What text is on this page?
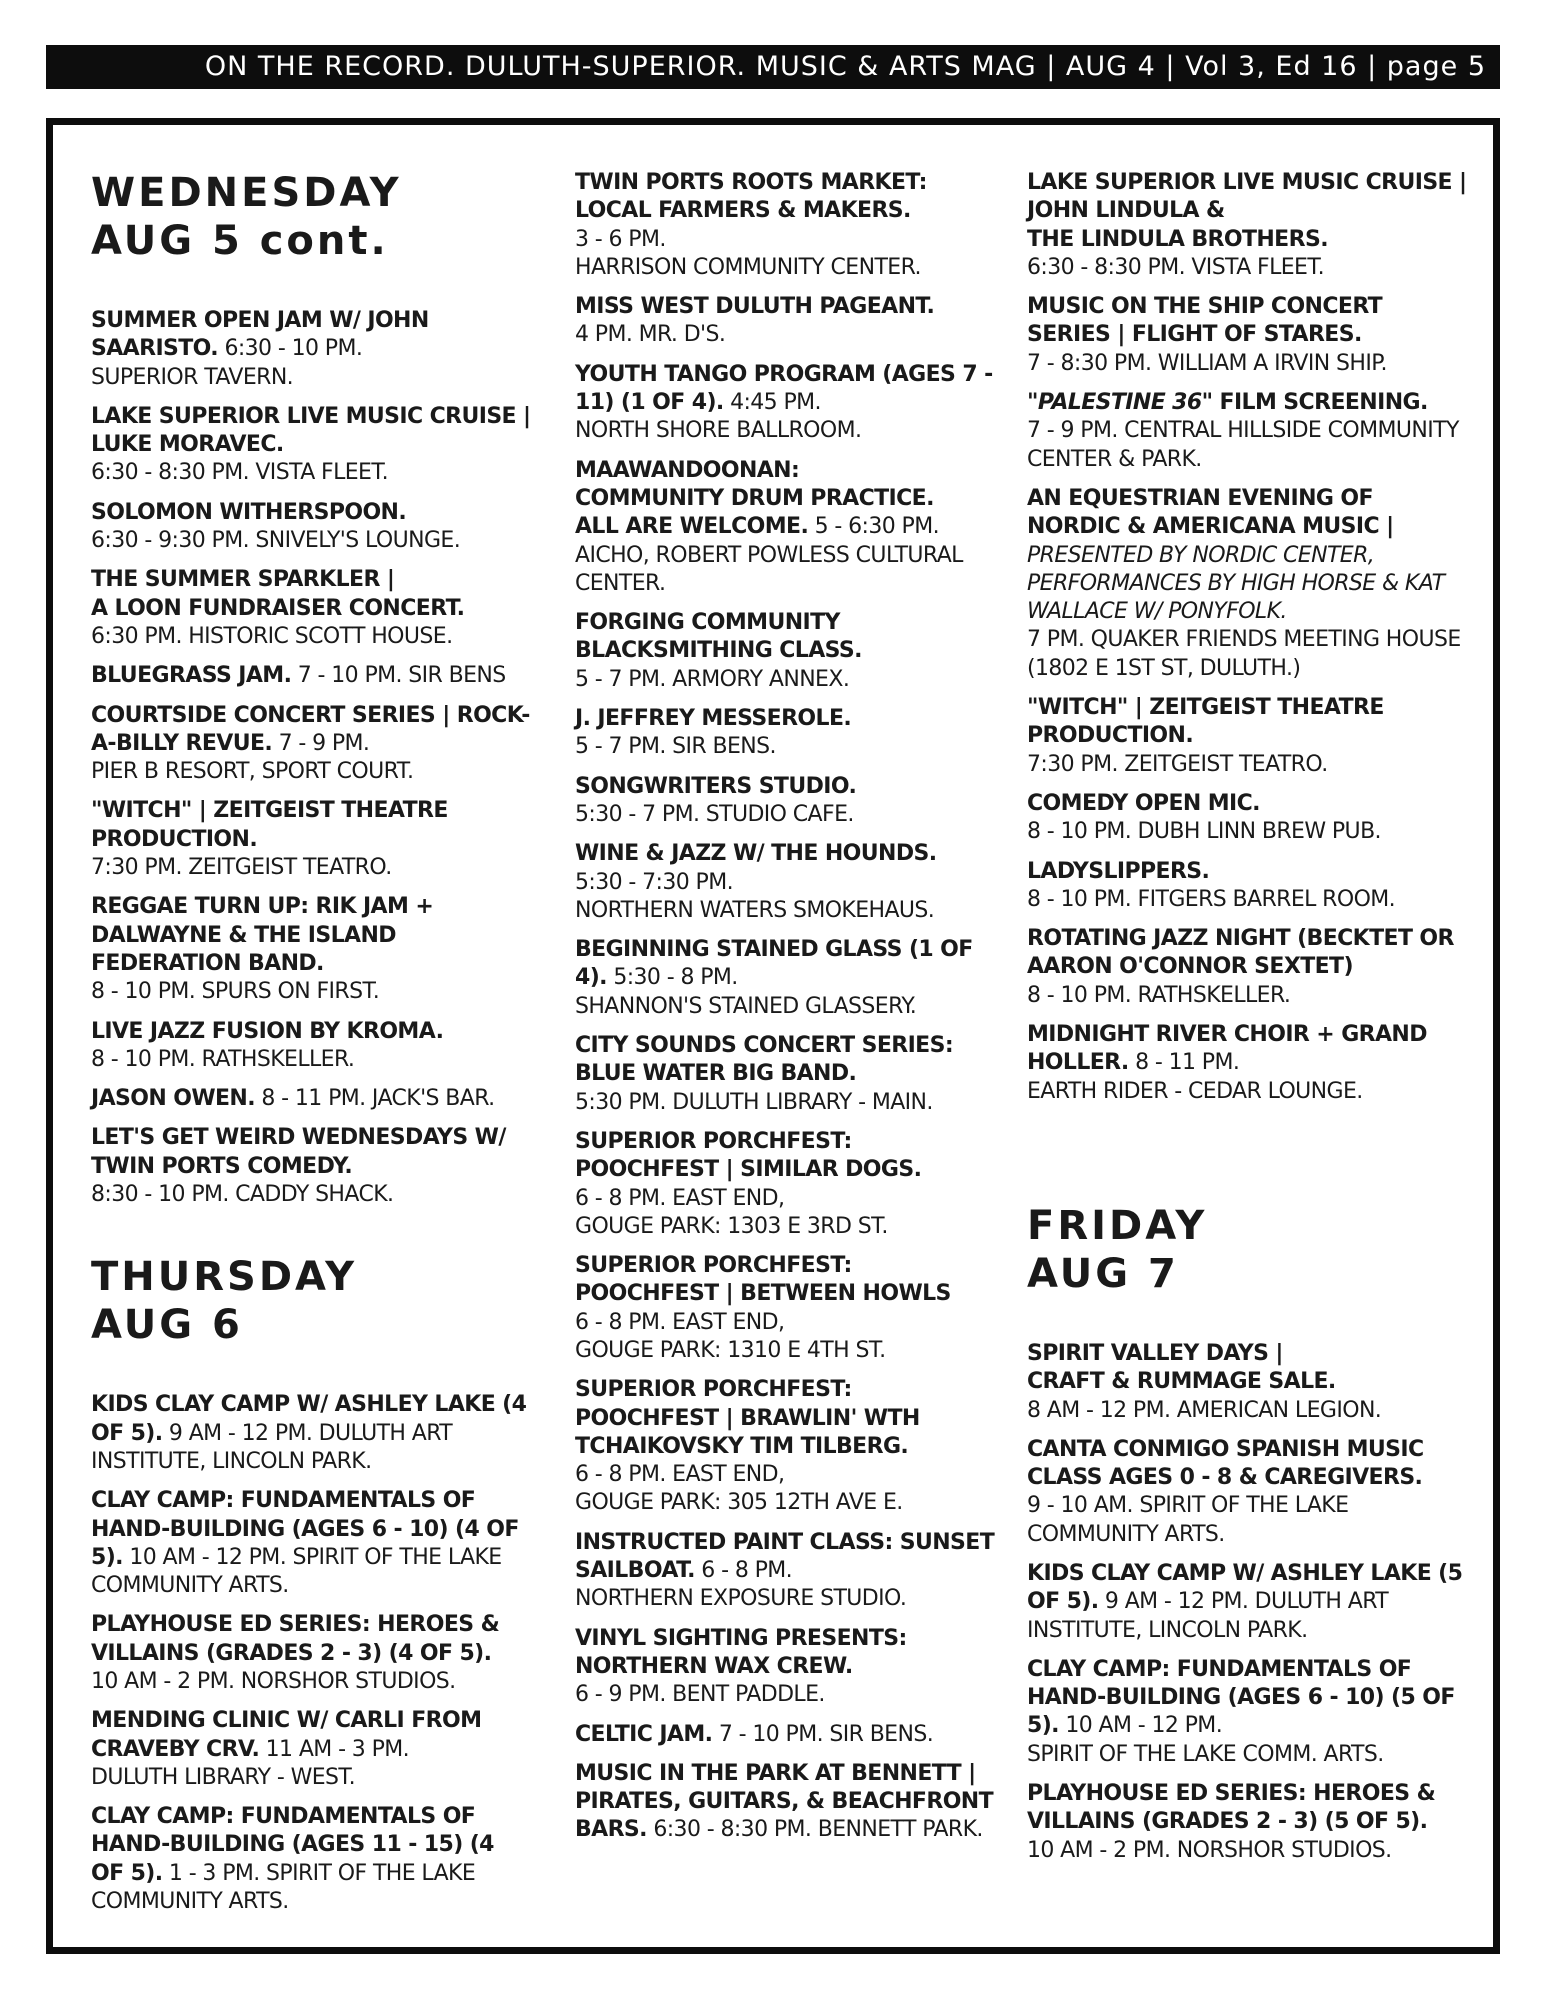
ON THE RECORD. DULUTH-SUPERIOR. MUSIC & ARTS MAG | AUG 4 | Vol 3, Ed 16 | page 5
WEDNESDAY
AUG 5 cont.
SUMMER OPEN JAM W/ JOHN SAARISTO. 6:30 - 10 PM.
SUPERIOR TAVERN.
LAKE SUPERIOR LIVE MUSIC CRUISE | LUKE MORAVEC.
6:30 - 8:30 PM. VISTA FLEET.
SOLOMON WITHERSPOON.
6:30 - 9:30 PM. SNIVELY'S LOUNGE.
THE SUMMER SPARKLER |
A LOON FUNDRAISER CONCERT.
6:30 PM. HISTORIC SCOTT HOUSE.
BLUEGRASS JAM. 7 - 10 PM. SIR BENS
COURTSIDE CONCERT SERIES | ROCK-A-BILLY REVUE. 7 - 9 PM.
PIER B RESORT, SPORT COURT.
"WITCH" | ZEITGEIST THEATRE PRODUCTION.
7:30 PM. ZEITGEIST TEATRO.
REGGAE TURN UP: RIK JAM + DALWAYNE & THE ISLAND FEDERATION BAND.
8 - 10 PM. SPURS ON FIRST.
LIVE JAZZ FUSION BY KROMA.
8 - 10 PM. RATHSKELLER.
JASON OWEN. 8 - 11 PM. JACK'S BAR.
LET'S GET WEIRD WEDNESDAYS W/ TWIN PORTS COMEDY.
8:30 - 10 PM. CADDY SHACK.
THURSDAY
AUG 6
KIDS CLAY CAMP W/ ASHLEY LAKE (4 OF 5). 9 AM - 12 PM. DULUTH ART INSTITUTE, LINCOLN PARK.
CLAY CAMP: FUNDAMENTALS OF HAND-BUILDING (AGES 6 - 10) (4 OF 5). 10 AM - 12 PM. SPIRIT OF THE LAKE COMMUNITY ARTS.
PLAYHOUSE ED SERIES: HEROES & VILLAINS (GRADES 2 - 3) (4 OF 5).
10 AM - 2 PM. NORSHOR STUDIOS.
MENDING CLINIC W/ CARLI FROM CRAVEBY CRV. 11 AM - 3 PM.
DULUTH LIBRARY - WEST.
CLAY CAMP: FUNDAMENTALS OF HAND-BUILDING (AGES 11 - 15) (4 OF 5). 1 - 3 PM. SPIRIT OF THE LAKE COMMUNITY ARTS.
TWIN PORTS ROOTS MARKET: LOCAL FARMERS & MAKERS.
3 - 6 PM.
HARRISON COMMUNITY CENTER.
MISS WEST DULUTH PAGEANT.
4 PM. MR. D'S.
YOUTH TANGO PROGRAM (AGES 7 - 11) (1 OF 4). 4:45 PM.
NORTH SHORE BALLROOM.
MAAWANDOONAN:
COMMUNITY DRUM PRACTICE.
ALL ARE WELCOME. 5 - 6:30 PM.
AICHO, ROBERT POWLESS CULTURAL CENTER.
FORGING COMMUNITY BLACKSMITHING CLASS.
5 - 7 PM. ARMORY ANNEX.
J. JEFFREY MESSEROLE.
5 - 7 PM. SIR BENS.
SONGWRITERS STUDIO.
5:30 - 7 PM. STUDIO CAFE.
WINE & JAZZ W/ THE HOUNDS.
5:30 - 7:30 PM.
NORTHERN WATERS SMOKEHAUS.
BEGINNING STAINED GLASS (1 OF 4). 5:30 - 8 PM.
SHANNON'S STAINED GLASSERY.
CITY SOUNDS CONCERT SERIES: BLUE WATER BIG BAND.
5:30 PM. DULUTH LIBRARY - MAIN.
SUPERIOR PORCHFEST:
POOCHFEST | SIMILAR DOGS.
6 - 8 PM. EAST END,
GOUGE PARK: 1303 E 3RD ST.
SUPERIOR PORCHFEST:
POOCHFEST | BETWEEN HOWLS
6 - 8 PM. EAST END,
GOUGE PARK: 1310 E 4TH ST.
SUPERIOR PORCHFEST:
POOCHFEST | BRAWLIN' WTH TCHAIKOVSKY TIM TILBERG.
6 - 8 PM. EAST END,
GOUGE PARK: 305 12TH AVE E.
INSTRUCTED PAINT CLASS: SUNSET SAILBOAT. 6 - 8 PM.
NORTHERN EXPOSURE STUDIO.
VINYL SIGHTING PRESENTS: NORTHERN WAX CREW.
6 - 9 PM. BENT PADDLE.
CELTIC JAM. 7 - 10 PM. SIR BENS.
MUSIC IN THE PARK AT BENNETT | PIRATES, GUITARS, & BEACHFRONT BARS. 6:30 - 8:30 PM. BENNETT PARK.
LAKE SUPERIOR LIVE MUSIC CRUISE | JOHN LINDULA &
THE LINDULA BROTHERS.
6:30 - 8:30 PM. VISTA FLEET.
MUSIC ON THE SHIP CONCERT SERIES | FLIGHT OF STARES.
7 - 8:30 PM. WILLIAM A IRVIN SHIP.
"PALESTINE 36" FILM SCREENING.
7 - 9 PM. CENTRAL HILLSIDE COMMUNITY CENTER & PARK.
AN EQUESTRIAN EVENING OF NORDIC & AMERICANA MUSIC |
PRESENTED BY NORDIC CENTER, PERFORMANCES BY HIGH HORSE & KAT WALLACE W/ PONYFOLK.
7 PM. QUAKER FRIENDS MEETING HOUSE (1802 E 1ST ST, DULUTH.)
"WITCH" | ZEITGEIST THEATRE PRODUCTION.
7:30 PM. ZEITGEIST TEATRO.
COMEDY OPEN MIC.
8 - 10 PM. DUBH LINN BREW PUB.
LADYSLIPPERS.
8 - 10 PM. FITGERS BARREL ROOM.
ROTATING JAZZ NIGHT (BECKTET OR AARON O'CONNOR SEXTET)
8 - 10 PM. RATHSKELLER.
MIDNIGHT RIVER CHOIR + GRAND HOLLER. 8 - 11 PM.
EARTH RIDER - CEDAR LOUNGE.
FRIDAY
AUG 7
SPIRIT VALLEY DAYS |
CRAFT & RUMMAGE SALE.
8 AM - 12 PM. AMERICAN LEGION.
CANTA CONMIGO SPANISH MUSIC CLASS AGES 0 - 8 & CAREGIVERS.
9 - 10 AM. SPIRIT OF THE LAKE COMMUNITY ARTS.
KIDS CLAY CAMP W/ ASHLEY LAKE (5 OF 5). 9 AM - 12 PM. DULUTH ART INSTITUTE, LINCOLN PARK.
CLAY CAMP: FUNDAMENTALS OF HAND-BUILDING (AGES 6 - 10) (5 OF 5). 10 AM - 12 PM.
SPIRIT OF THE LAKE COMM. ARTS.
PLAYHOUSE ED SERIES: HEROES & VILLAINS (GRADES 2 - 3) (5 OF 5).
10 AM - 2 PM. NORSHOR STUDIOS.
